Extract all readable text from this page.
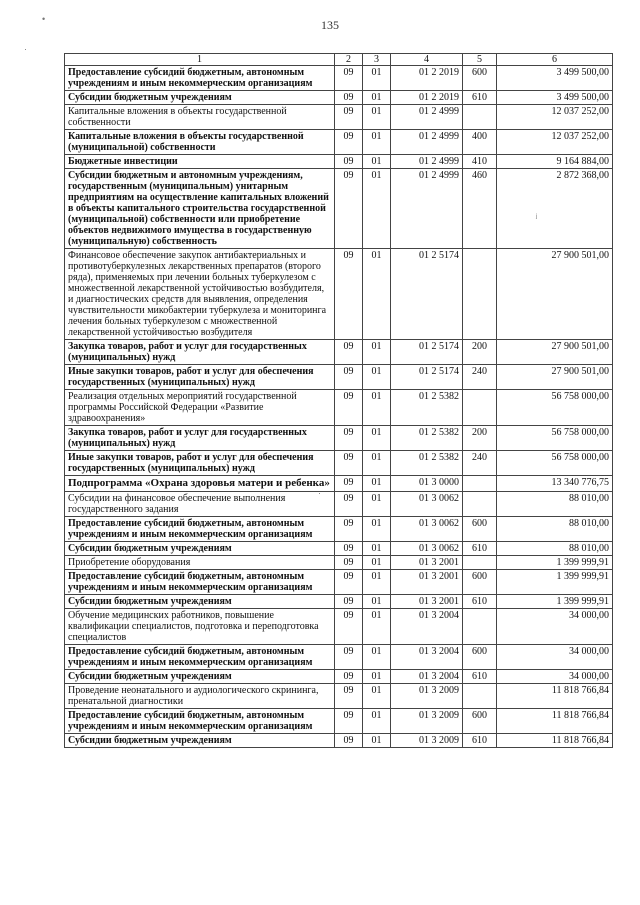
135
•
·
ʲ
·
1	2	3	4	5	6
Предоставление субсидий бюджетным, автономным учреждениям и иным некоммерческим организациям	09	01	01 2 2019	600	3 499 500,00
Субсидии бюджетным учреждениям	09	01	01 2 2019	610	3 499 500,00
Капитальные вложения в объекты государственной собственности	09	01	01 2 4999		12 037 252,00
Капитальные вложения в объекты государственной (муниципальной) собственности	09	01	01 2 4999	400	12 037 252,00
Бюджетные инвестиции	09	01	01 2 4999	410	9 164 884,00
Субсидии бюджетным и автономным учреждениям, государственным (муниципальным) унитарным предприятиям на осуществление капитальных вложений в объекты капитального строительства государственной (муниципальной) собственности или приобретение объектов недвижимого имущества в государственную (муниципальную) собственность	09	01	01 2 4999	460	2 872 368,00
Финансовое обеспечение закупок антибактериальных и противотуберкулезных лекарственных препаратов (второго ряда), применяемых при лечении больных туберкулезом с множественной лекарственной устойчивостью возбудителя, и диагностических средств для выявления, определения чувствительности микобактерии туберкулеза и мониторинга лечения больных туберкулезом с множественной лекарственной устойчивостью возбудителя	09	01	01 2 5174		27 900 501,00
Закупка товаров, работ и услуг для государственных (муниципальных) нужд	09	01	01 2 5174	200	27 900 501,00
Иные закупки товаров, работ и услуг для обеспечения государственных (муниципальных) нужд	09	01	01 2 5174	240	27 900 501,00
Реализация отдельных мероприятий государственной программы Российской Федерации «Развитие здравоохранения»	09	01	01 2 5382		56 758 000,00
Закупка товаров, работ и услуг для государственных (муниципальных) нужд	09	01	01 2 5382	200	56 758 000,00
Иные закупки товаров, работ и услуг для обеспечения государственных (муниципальных) нужд	09	01	01 2 5382	240	56 758 000,00
Подпрограмма «Охрана здоровья матери и ребенка»	09	01	01 3 0000		13 340 776,75
Субсидии на финансовое обеспечение выполнения государственного задания	09	01	01 3 0062		88 010,00
Предоставление субсидий бюджетным, автономным учреждениям и иным некоммерческим организациям	09	01	01 3 0062	600	88 010,00
Субсидии бюджетным учреждениям	09	01	01 3 0062	610	88 010,00
Приобретение оборудования	09	01	01 3 2001		1 399 999,91
Предоставление субсидий бюджетным, автономным учреждениям и иным некоммерческим организациям	09	01	01 3 2001	600	1 399 999,91
Субсидии бюджетным учреждениям	09	01	01 3 2001	610	1 399 999,91
Обучение медицинских работников, повышение квалификации специалистов, подготовка и переподготовка специалистов	09	01	01 3 2004		34 000,00
Предоставление субсидий бюджетным, автономным учреждениям и иным некоммерческим организациям	09	01	01 3 2004	600	34 000,00
Субсидии бюджетным учреждениям	09	01	01 3 2004	610	34 000,00
Проведение неонатального и аудиологического скрининга, пренатальной диагностики	09	01	01 3 2009		11 818 766,84
Предоставление субсидий бюджетным, автономным учреждениям и иным некоммерческим организациям	09	01	01 3 2009	600	11 818 766,84
Субсидии бюджетным учреждениям	09	01	01 3 2009	610	11 818 766,84
